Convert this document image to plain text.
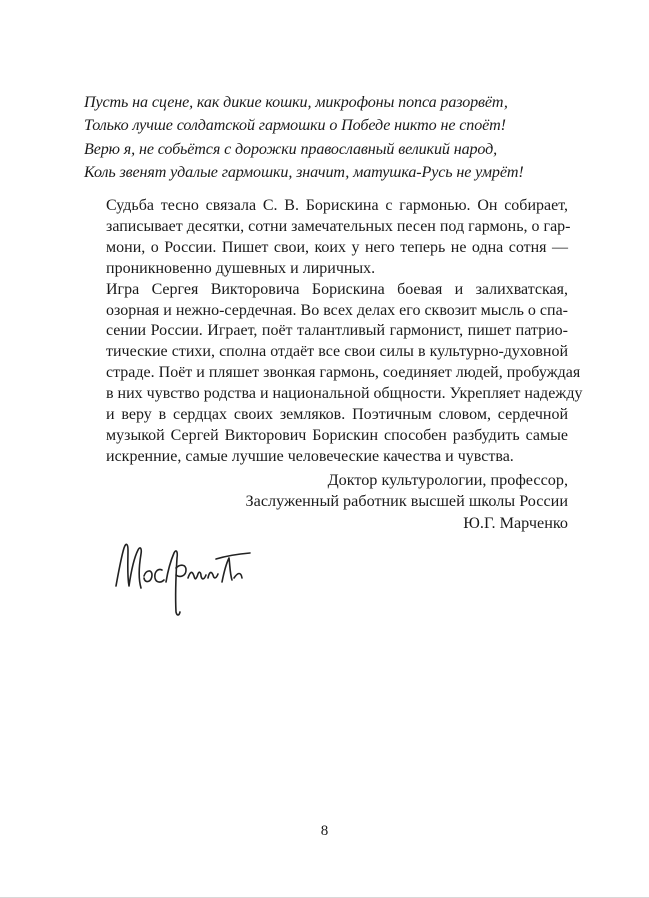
Пусть на сцене, как дикие кошки, микрофоны попса разорвёт,
Только лучше солдатской гармошки о Победе никто не споёт!
Верю я, не собьётся с дорожки православный великий народ,
Коль звенят удалые гармошки, значит, матушка-Русь не умрёт!
Судьба тесно связала С. В. Борискина с гармонью. Он собирает,
записывает десятки, сотни замечательных песен под гармонь, о гар-
мони, о России. Пишет свои, коих у него теперь не одна сотня —
проникновенно душевных и лиричных.
Игра Сергея Викторовича Борискина боевая и залихватская,
озорная и нежно-сердечная. Во всех делах его сквозит мысль о спа-
сении России. Играет, поёт талантливый гармонист, пишет патрио-
тические стихи, сполна отдаёт все свои силы в культурно-духовной
страде. Поёт и пляшет звонкая гармонь, соединяет людей, пробуждая
в них чувство родства и национальной общности. Укрепляет надежду
и веру в сердцах своих земляков. Поэтичным словом, сердечной
музыкой Сергей Викторович Борискин способен разбудить самые
искренние, самые лучшие человеческие качества и чувства.
Доктор культурологии, профессор,
Заслуженный работник высшей школы России
Ю.Г. Марченко
8
